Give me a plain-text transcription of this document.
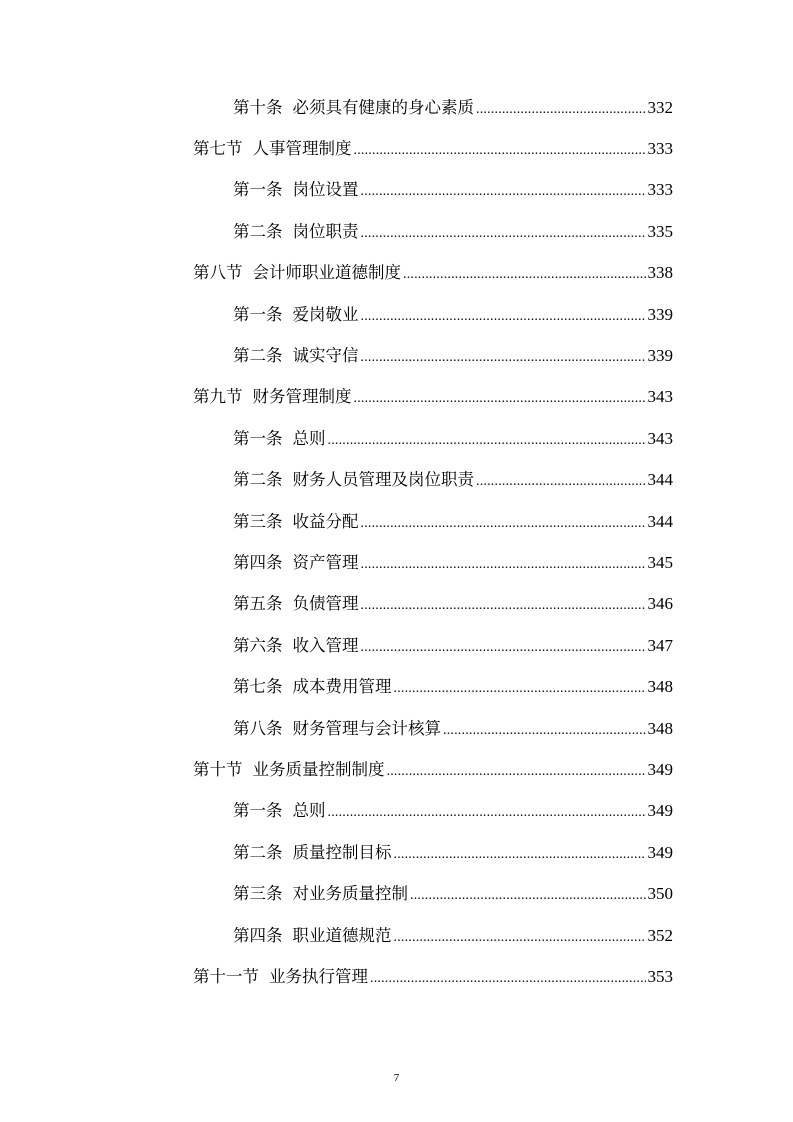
第十条 必须具有健康的身心素质 .....	332
第七节 人事管理制度 .....	333
第一条 岗位设置 .....	333
第二条 岗位职责 .....	335
第八节 会计师职业道德制度 .....	338
第一条 爱岗敬业 .....	339
第二条 诚实守信 .....	339
第九节 财务管理制度 .....	343
第一条 总则 .....	343
第二条 财务人员管理及岗位职责 .....	344
第三条 收益分配 .....	344
第四条 资产管理 .....	345
第五条 负债管理 .....	346
第六条 收入管理 .....	347
第七条 成本费用管理 .....	348
第八条 财务管理与会计核算 .....	348
第十节 业务质量控制制度 .....	349
第一条 总则 .....	349
第二条 质量控制目标 .....	349
第三条 对业务质量控制 .....	350
第四条 职业道德规范 .....	352
第十一节 业务执行管理 .....	353
7
